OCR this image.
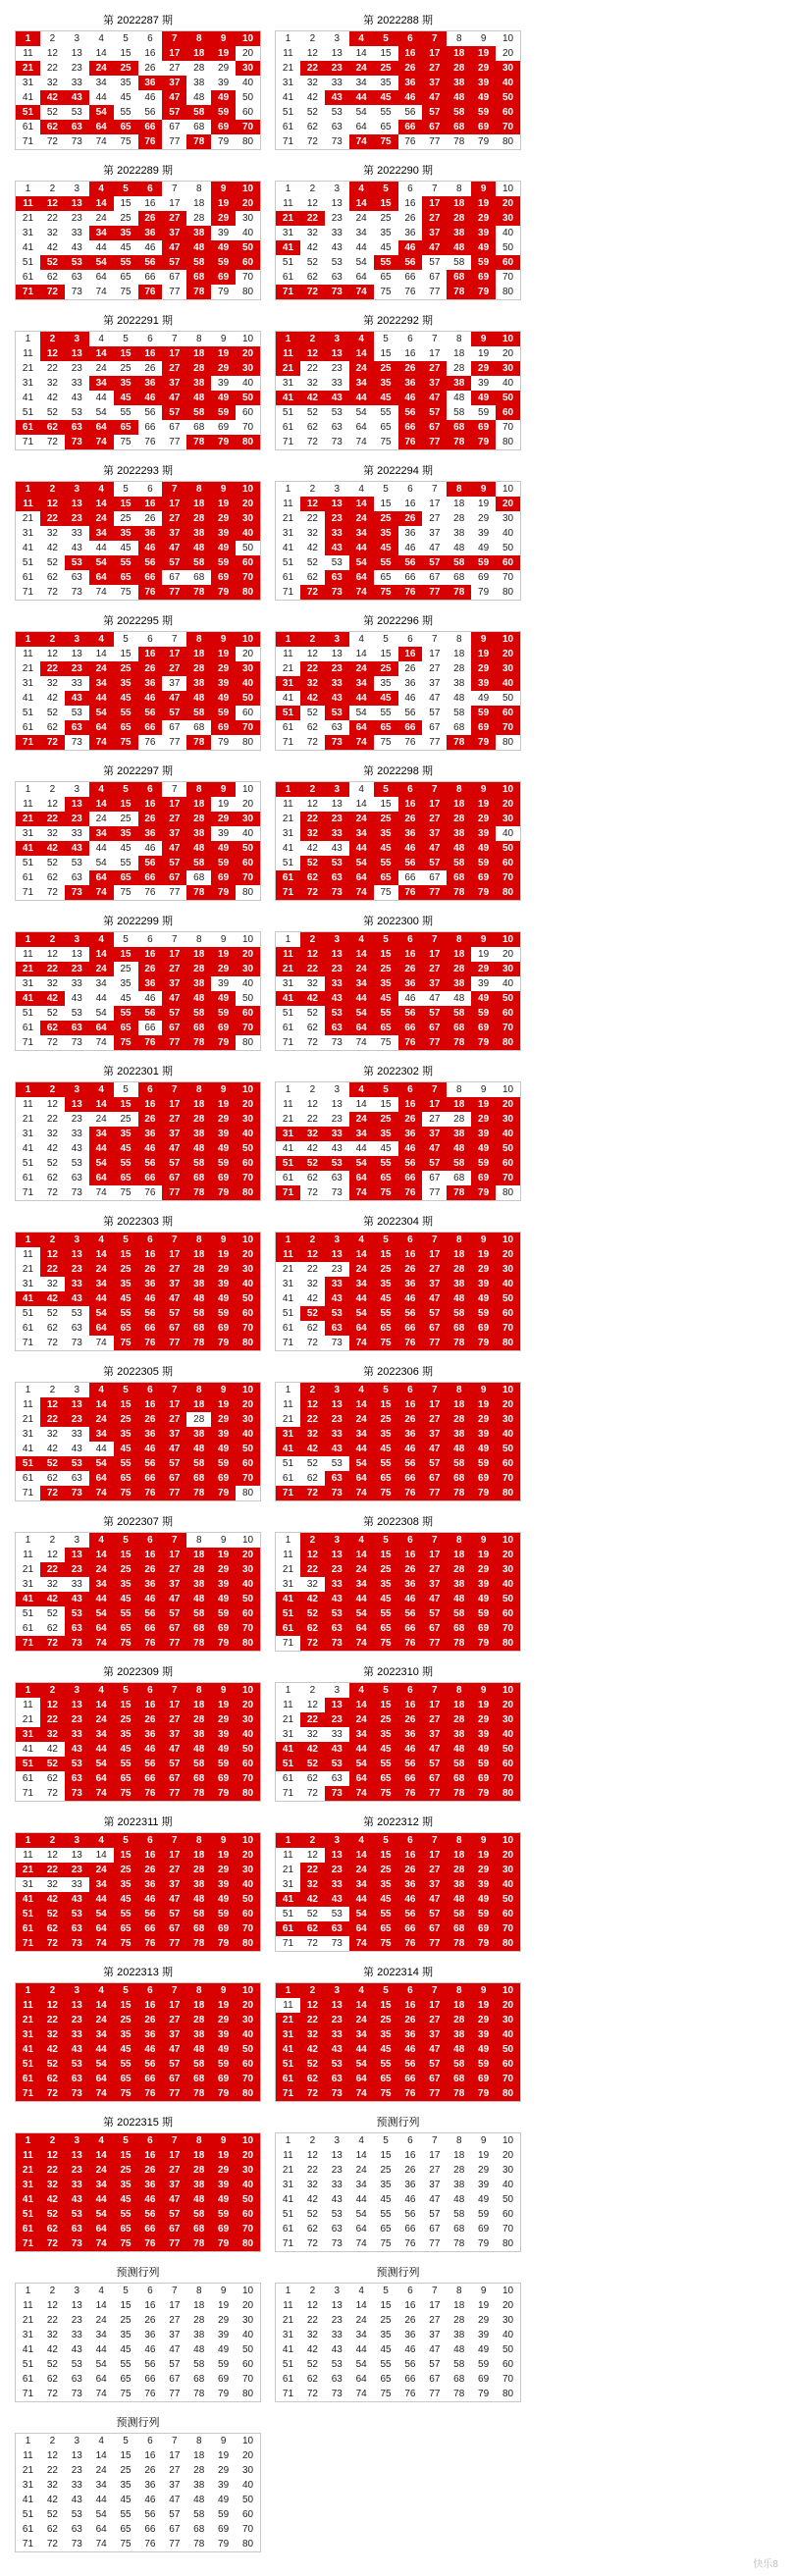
第 2022287 期
1	2	3	4	5	6	7	8	9	10
11	12	13	14	15	16	17	18	19	20
21	22	23	24	25	26	27	28	29	30
31	32	33	34	35	36	37	38	39	40
41	42	43	44	45	46	47	48	49	50
51	52	53	54	55	56	57	58	59	60
61	62	63	64	65	66	67	68	69	70
71	72	73	74	75	76	77	78	79	80
第 2022288 期
1	2	3	4	5	6	7	8	9	10
11	12	13	14	15	16	17	18	19	20
21	22	23	24	25	26	27	28	29	30
31	32	33	34	35	36	37	38	39	40
41	42	43	44	45	46	47	48	49	50
51	52	53	54	55	56	57	58	59	60
61	62	63	64	65	66	67	68	69	70
71	72	73	74	75	76	77	78	79	80
第 2022289 期
1	2	3	4	5	6	7	8	9	10
11	12	13	14	15	16	17	18	19	20
21	22	23	24	25	26	27	28	29	30
31	32	33	34	35	36	37	38	39	40
41	42	43	44	45	46	47	48	49	50
51	52	53	54	55	56	57	58	59	60
61	62	63	64	65	66	67	68	69	70
71	72	73	74	75	76	77	78	79	80
第 2022290 期
1	2	3	4	5	6	7	8	9	10
11	12	13	14	15	16	17	18	19	20
21	22	23	24	25	26	27	28	29	30
31	32	33	34	35	36	37	38	39	40
41	42	43	44	45	46	47	48	49	50
51	52	53	54	55	56	57	58	59	60
61	62	63	64	65	66	67	68	69	70
71	72	73	74	75	76	77	78	79	80
第 2022291 期
1	2	3	4	5	6	7	8	9	10
11	12	13	14	15	16	17	18	19	20
21	22	23	24	25	26	27	28	29	30
31	32	33	34	35	36	37	38	39	40
41	42	43	44	45	46	47	48	49	50
51	52	53	54	55	56	57	58	59	60
61	62	63	64	65	66	67	68	69	70
71	72	73	74	75	76	77	78	79	80
第 2022292 期
1	2	3	4	5	6	7	8	9	10
11	12	13	14	15	16	17	18	19	20
21	22	23	24	25	26	27	28	29	30
31	32	33	34	35	36	37	38	39	40
41	42	43	44	45	46	47	48	49	50
51	52	53	54	55	56	57	58	59	60
61	62	63	64	65	66	67	68	69	70
71	72	73	74	75	76	77	78	79	80
第 2022293 期
1	2	3	4	5	6	7	8	9	10
11	12	13	14	15	16	17	18	19	20
21	22	23	24	25	26	27	28	29	30
31	32	33	34	35	36	37	38	39	40
41	42	43	44	45	46	47	48	49	50
51	52	53	54	55	56	57	58	59	60
61	62	63	64	65	66	67	68	69	70
71	72	73	74	75	76	77	78	79	80
第 2022294 期
1	2	3	4	5	6	7	8	9	10
11	12	13	14	15	16	17	18	19	20
21	22	23	24	25	26	27	28	29	30
31	32	33	34	35	36	37	38	39	40
41	42	43	44	45	46	47	48	49	50
51	52	53	54	55	56	57	58	59	60
61	62	63	64	65	66	67	68	69	70
71	72	73	74	75	76	77	78	79	80
第 2022295 期
1	2	3	4	5	6	7	8	9	10
11	12	13	14	15	16	17	18	19	20
21	22	23	24	25	26	27	28	29	30
31	32	33	34	35	36	37	38	39	40
41	42	43	44	45	46	47	48	49	50
51	52	53	54	55	56	57	58	59	60
61	62	63	64	65	66	67	68	69	70
71	72	73	74	75	76	77	78	79	80
第 2022296 期
1	2	3	4	5	6	7	8	9	10
11	12	13	14	15	16	17	18	19	20
21	22	23	24	25	26	27	28	29	30
31	32	33	34	35	36	37	38	39	40
41	42	43	44	45	46	47	48	49	50
51	52	53	54	55	56	57	58	59	60
61	62	63	64	65	66	67	68	69	70
71	72	73	74	75	76	77	78	79	80
第 2022297 期
1	2	3	4	5	6	7	8	9	10
11	12	13	14	15	16	17	18	19	20
21	22	23	24	25	26	27	28	29	30
31	32	33	34	35	36	37	38	39	40
41	42	43	44	45	46	47	48	49	50
51	52	53	54	55	56	57	58	59	60
61	62	63	64	65	66	67	68	69	70
71	72	73	74	75	76	77	78	79	80
第 2022298 期
1	2	3	4	5	6	7	8	9	10
11	12	13	14	15	16	17	18	19	20
21	22	23	24	25	26	27	28	29	30
31	32	33	34	35	36	37	38	39	40
41	42	43	44	45	46	47	48	49	50
51	52	53	54	55	56	57	58	59	60
61	62	63	64	65	66	67	68	69	70
71	72	73	74	75	76	77	78	79	80
第 2022299 期
1	2	3	4	5	6	7	8	9	10
11	12	13	14	15	16	17	18	19	20
21	22	23	24	25	26	27	28	29	30
31	32	33	34	35	36	37	38	39	40
41	42	43	44	45	46	47	48	49	50
51	52	53	54	55	56	57	58	59	60
61	62	63	64	65	66	67	68	69	70
71	72	73	74	75	76	77	78	79	80
第 2022300 期
1	2	3	4	5	6	7	8	9	10
11	12	13	14	15	16	17	18	19	20
21	22	23	24	25	26	27	28	29	30
31	32	33	34	35	36	37	38	39	40
41	42	43	44	45	46	47	48	49	50
51	52	53	54	55	56	57	58	59	60
61	62	63	64	65	66	67	68	69	70
71	72	73	74	75	76	77	78	79	80
第 2022301 期
1	2	3	4	5	6	7	8	9	10
11	12	13	14	15	16	17	18	19	20
21	22	23	24	25	26	27	28	29	30
31	32	33	34	35	36	37	38	39	40
41	42	43	44	45	46	47	48	49	50
51	52	53	54	55	56	57	58	59	60
61	62	63	64	65	66	67	68	69	70
71	72	73	74	75	76	77	78	79	80
第 2022302 期
1	2	3	4	5	6	7	8	9	10
11	12	13	14	15	16	17	18	19	20
21	22	23	24	25	26	27	28	29	30
31	32	33	34	35	36	37	38	39	40
41	42	43	44	45	46	47	48	49	50
51	52	53	54	55	56	57	58	59	60
61	62	63	64	65	66	67	68	69	70
71	72	73	74	75	76	77	78	79	80
第 2022303 期
1	2	3	4	5	6	7	8	9	10
11	12	13	14	15	16	17	18	19	20
21	22	23	24	25	26	27	28	29	30
31	32	33	34	35	36	37	38	39	40
41	42	43	44	45	46	47	48	49	50
51	52	53	54	55	56	57	58	59	60
61	62	63	64	65	66	67	68	69	70
71	72	73	74	75	76	77	78	79	80
第 2022304 期
1	2	3	4	5	6	7	8	9	10
11	12	13	14	15	16	17	18	19	20
21	22	23	24	25	26	27	28	29	30
31	32	33	34	35	36	37	38	39	40
41	42	43	44	45	46	47	48	49	50
51	52	53	54	55	56	57	58	59	60
61	62	63	64	65	66	67	68	69	70
71	72	73	74	75	76	77	78	79	80
第 2022305 期
1	2	3	4	5	6	7	8	9	10
11	12	13	14	15	16	17	18	19	20
21	22	23	24	25	26	27	28	29	30
31	32	33	34	35	36	37	38	39	40
41	42	43	44	45	46	47	48	49	50
51	52	53	54	55	56	57	58	59	60
61	62	63	64	65	66	67	68	69	70
71	72	73	74	75	76	77	78	79	80
第 2022306 期
1	2	3	4	5	6	7	8	9	10
11	12	13	14	15	16	17	18	19	20
21	22	23	24	25	26	27	28	29	30
31	32	33	34	35	36	37	38	39	40
41	42	43	44	45	46	47	48	49	50
51	52	53	54	55	56	57	58	59	60
61	62	63	64	65	66	67	68	69	70
71	72	73	74	75	76	77	78	79	80
第 2022307 期
1	2	3	4	5	6	7	8	9	10
11	12	13	14	15	16	17	18	19	20
21	22	23	24	25	26	27	28	29	30
31	32	33	34	35	36	37	38	39	40
41	42	43	44	45	46	47	48	49	50
51	52	53	54	55	56	57	58	59	60
61	62	63	64	65	66	67	68	69	70
71	72	73	74	75	76	77	78	79	80
第 2022308 期
1	2	3	4	5	6	7	8	9	10
11	12	13	14	15	16	17	18	19	20
21	22	23	24	25	26	27	28	29	30
31	32	33	34	35	36	37	38	39	40
41	42	43	44	45	46	47	48	49	50
51	52	53	54	55	56	57	58	59	60
61	62	63	64	65	66	67	68	69	70
71	72	73	74	75	76	77	78	79	80
第 2022309 期
1	2	3	4	5	6	7	8	9	10
11	12	13	14	15	16	17	18	19	20
21	22	23	24	25	26	27	28	29	30
31	32	33	34	35	36	37	38	39	40
41	42	43	44	45	46	47	48	49	50
51	52	53	54	55	56	57	58	59	60
61	62	63	64	65	66	67	68	69	70
71	72	73	74	75	76	77	78	79	80
第 2022310 期
1	2	3	4	5	6	7	8	9	10
11	12	13	14	15	16	17	18	19	20
21	22	23	24	25	26	27	28	29	30
31	32	33	34	35	36	37	38	39	40
41	42	43	44	45	46	47	48	49	50
51	52	53	54	55	56	57	58	59	60
61	62	63	64	65	66	67	68	69	70
71	72	73	74	75	76	77	78	79	80
第 2022311 期
1	2	3	4	5	6	7	8	9	10
11	12	13	14	15	16	17	18	19	20
21	22	23	24	25	26	27	28	29	30
31	32	33	34	35	36	37	38	39	40
41	42	43	44	45	46	47	48	49	50
51	52	53	54	55	56	57	58	59	60
61	62	63	64	65	66	67	68	69	70
71	72	73	74	75	76	77	78	79	80
第 2022312 期
1	2	3	4	5	6	7	8	9	10
11	12	13	14	15	16	17	18	19	20
21	22	23	24	25	26	27	28	29	30
31	32	33	34	35	36	37	38	39	40
41	42	43	44	45	46	47	48	49	50
51	52	53	54	55	56	57	58	59	60
61	62	63	64	65	66	67	68	69	70
71	72	73	74	75	76	77	78	79	80
第 2022313 期
1	2	3	4	5	6	7	8	9	10
11	12	13	14	15	16	17	18	19	20
21	22	23	24	25	26	27	28	29	30
31	32	33	34	35	36	37	38	39	40
41	42	43	44	45	46	47	48	49	50
51	52	53	54	55	56	57	58	59	60
61	62	63	64	65	66	67	68	69	70
71	72	73	74	75	76	77	78	79	80
第 2022314 期
1	2	3	4	5	6	7	8	9	10
11	12	13	14	15	16	17	18	19	20
21	22	23	24	25	26	27	28	29	30
31	32	33	34	35	36	37	38	39	40
41	42	43	44	45	46	47	48	49	50
51	52	53	54	55	56	57	58	59	60
61	62	63	64	65	66	67	68	69	70
71	72	73	74	75	76	77	78	79	80
第 2022315 期
1	2	3	4	5	6	7	8	9	10
11	12	13	14	15	16	17	18	19	20
21	22	23	24	25	26	27	28	29	30
31	32	33	34	35	36	37	38	39	40
41	42	43	44	45	46	47	48	49	50
51	52	53	54	55	56	57	58	59	60
61	62	63	64	65	66	67	68	69	70
71	72	73	74	75	76	77	78	79	80
预测行列
1	2	3	4	5	6	7	8	9	10
11	12	13	14	15	16	17	18	19	20
21	22	23	24	25	26	27	28	29	30
31	32	33	34	35	36	37	38	39	40
41	42	43	44	45	46	47	48	49	50
51	52	53	54	55	56	57	58	59	60
61	62	63	64	65	66	67	68	69	70
71	72	73	74	75	76	77	78	79	80
预测行列
1	2	3	4	5	6	7	8	9	10
11	12	13	14	15	16	17	18	19	20
21	22	23	24	25	26	27	28	29	30
31	32	33	34	35	36	37	38	39	40
41	42	43	44	45	46	47	48	49	50
51	52	53	54	55	56	57	58	59	60
61	62	63	64	65	66	67	68	69	70
71	72	73	74	75	76	77	78	79	80
预测行列
1	2	3	4	5	6	7	8	9	10
11	12	13	14	15	16	17	18	19	20
21	22	23	24	25	26	27	28	29	30
31	32	33	34	35	36	37	38	39	40
41	42	43	44	45	46	47	48	49	50
51	52	53	54	55	56	57	58	59	60
61	62	63	64	65	66	67	68	69	70
71	72	73	74	75	76	77	78	79	80
预测行列
1	2	3	4	5	6	7	8	9	10
11	12	13	14	15	16	17	18	19	20
21	22	23	24	25	26	27	28	29	30
31	32	33	34	35	36	37	38	39	40
41	42	43	44	45	46	47	48	49	50
51	52	53	54	55	56	57	58	59	60
61	62	63	64	65	66	67	68	69	70
71	72	73	74	75	76	77	78	79	80
快乐8
